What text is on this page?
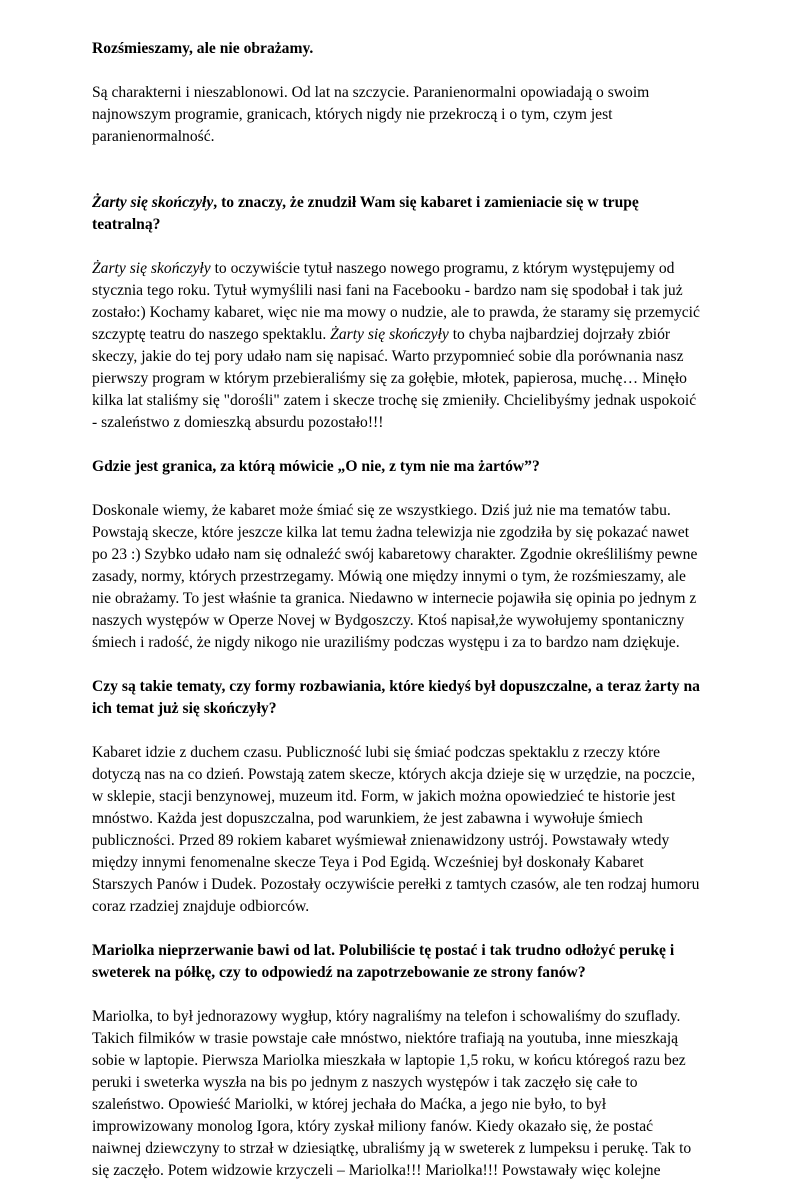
Rozśmieszamy, ale nie obrażamy.

Są charakterni i nieszablonowi. Od lat na szczycie. Paranienormalni opowiadają o swoim
najnowszym programie, granicach, których nigdy nie przekroczą i o tym, czym jest
paranienormalność.

Żarty się skończyły, to znaczy, że znudził Wam się kabaret i zamieniacie się w trupę
teatralną?

Żarty się skończyły to oczywiście tytuł naszego nowego programu, z którym występujemy od
stycznia tego roku. Tytuł wymyślili nasi fani na Facebooku - bardzo nam się spodobał i tak już
zostało:) Kochamy kabaret, więc nie ma mowy o nudzie, ale to prawda, że staramy się przemycić
szczyptę teatru do naszego spektaklu. Żarty się skończyły to chyba najbardziej dojrzały zbiór
skeczy, jakie do tej pory udało nam się napisać. Warto przypomnieć sobie dla porównania nasz
pierwszy program w którym przebieraliśmy się za gołębie, młotek, papierosa, muchę… Minęło
kilka lat staliśmy się "dorośli" zatem i skecze trochę się zmieniły. Chcielibyśmy jednak uspokoić
- szaleństwo z domieszką absurdu pozostało!!!

Gdzie jest granica, za którą mówicie „O nie, z tym nie ma żartów”?

Doskonale wiemy, że kabaret może śmiać się ze wszystkiego. Dziś już nie ma tematów tabu.
Powstają skecze, które jeszcze kilka lat temu żadna telewizja nie zgodziła by się pokazać nawet
po 23 :) Szybko udało nam się odnaleźć swój kabaretowy charakter. Zgodnie określiliśmy pewne
zasady, normy, których przestrzegamy. Mówią one między innymi o tym, że rozśmieszamy, ale
nie obrażamy. To jest właśnie ta granica. Niedawno w internecie pojawiła się opinia po jednym z
naszych występów w Operze Novej w Bydgoszczy. Ktoś napisał,że wywołujemy spontaniczny
śmiech i radość, że nigdy nikogo nie uraziliśmy podczas występu i za to bardzo nam dziękuje.

Czy są takie tematy, czy formy rozbawiania, które kiedyś był dopuszczalne, a teraz żarty na
ich temat już się skończyły?

Kabaret idzie z duchem czasu. Publiczność lubi się śmiać podczas spektaklu z rzeczy które
dotyczą nas na co dzień. Powstają zatem skecze, których akcja dzieje się w urzędzie, na poczcie,
w sklepie, stacji benzynowej, muzeum itd. Form, w jakich można opowiedzieć te historie jest
mnóstwo. Każda jest dopuszczalna, pod warunkiem, że jest zabawna i wywołuje śmiech
publiczności. Przed 89 rokiem kabaret wyśmiewał znienawidzony ustrój. Powstawały wtedy
między innymi fenomenalne skecze Teya i Pod Egidą. Wcześniej był doskonały Kabaret
Starszych Panów i Dudek. Pozostały oczywiście perełki z tamtych czasów, ale ten rodzaj humoru
coraz rzadziej znajduje odbiorców.

Mariolka nieprzerwanie bawi od lat. Polubiliście tę postać i tak trudno odłożyć perukę i
sweterek na półkę, czy to odpowiedź na zapotrzebowanie ze strony fanów?

Mariolka, to był jednorazowy wygłup, który nagraliśmy na telefon i schowaliśmy do szuflady.
Takich filmików w trasie powstaje całe mnóstwo, niektóre trafiają na youtuba, inne mieszkają
sobie w laptopie. Pierwsza Mariolka mieszkała w laptopie 1,5 roku, w końcu któregoś razu bez
peruki i sweterka wyszła na bis po jednym z naszych występów i tak zaczęło się całe to
szaleństwo. Opowieść Mariolki, w której jechała do Maćka, a jego nie było, to był
improwizowany monolog Igora, który zyskał miliony fanów. Kiedy okazało się, że postać
naiwnej dziewczyny to strzał w dziesiątkę, ubraliśmy ją w sweterek z lumpeksu i perukę. Tak to
się zaczęło. Potem widzowie krzyczeli – Mariolka!!! Mariolka!!! Powstawały więc kolejne
